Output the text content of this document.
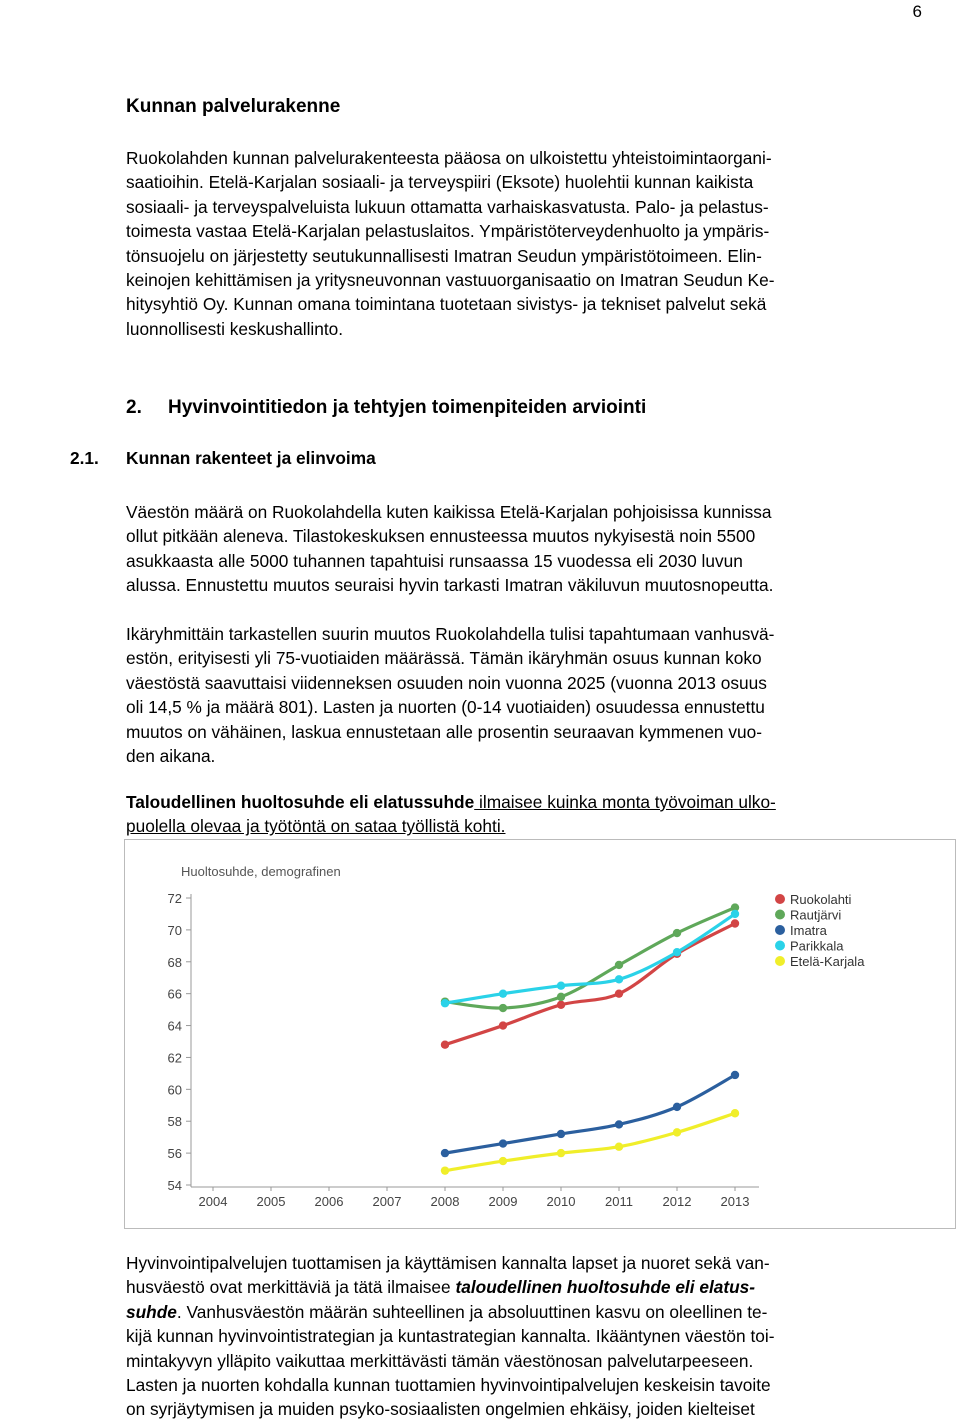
6
Kunnan palvelurakenne
Ruokolahden kunnan palvelurakenteesta pääosa on ulkoistettu yhteistoimintaorgani-
saatioihin. Etelä-Karjalan sosiaali- ja terveyspiiri (Eksote) huolehtii kunnan kaikista
sosiaali- ja terveyspalveluista lukuun ottamatta varhaiskasvatusta. Palo- ja pelastus-
toimesta vastaa Etelä-Karjalan pelastuslaitos. Ympäristöterveydenhuolto ja ympäris-
tönsuojelu on järjestetty seutukunnallisesti Imatran Seudun ympäristötoimeen. Elin-
keinojen kehittämisen ja yritysneuvonnan vastuuorganisaatio on Imatran Seudun Ke-
hitysyhtiö Oy. Kunnan omana toimintana tuotetaan sivistys- ja tekniset palvelut sekä
luonnollisesti keskushallinto.
2. Hyvinvointitiedon ja tehtyjen toimenpiteiden arviointi
2.1. Kunnan rakenteet ja elinvoima
Väestön määrä on Ruokolahdella kuten kaikissa Etelä-Karjalan pohjoisissa kunnissa
ollut pitkään aleneva. Tilastokeskuksen ennusteessa muutos nykyisestä noin 5500
asukkaasta alle 5000 tuhannen tapahtuisi runsaassa 15 vuodessa eli 2030 luvun
alussa. Ennustettu muutos seuraisi hyvin tarkasti Imatran väkiluvun muutosnopeutta.
Ikäryhmittäin tarkastellen suurin muutos Ruokolahdella tulisi tapahtumaan vanhusvä-
estön, erityisesti yli 75-vuotiaiden määrässä. Tämän ikäryhmän osuus kunnan koko
väestöstä saavuttaisi viidenneksen osuuden noin vuonna 2025 (vuonna 2013 osuus
oli 14,5 % ja määrä 801). Lasten ja nuorten (0-14 vuotiaiden) osuudessa ennustettu
muutos on vähäinen, laskua ennustetaan alle prosentin seuraavan kymmenen vuo-
den aikana.
Taloudellinen huoltosuhde eli elatussuhde ilmaisee kuinka monta työvoiman ulko-
puolella olevaa ja työtöntä on sataa työllistä kohti.
Huoltosuhde, demografinen
72
70
68
66
64
62
60
58
56
54
2004 2005 2006 2007 2008 2009 2010 2011 2012 2013
Ruokolahti
Rautjärvi
Imatra
Parikkala
Etelä-Karjala
Hyvinvointipalvelujen tuottamisen ja käyttämisen kannalta lapset ja nuoret sekä van-
husväestö ovat merkittäviä ja tätä ilmaisee taloudellinen huoltosuhde eli elatus-
suhde. Vanhusväestön määrän suhteellinen ja absoluuttinen kasvu on oleellinen te-
kijä kunnan hyvinvointistrategian ja kuntastrategian kannalta. Ikääntynen väestön toi-
mintakyvyn ylläpito vaikuttaa merkittävästi tämän väestönosan palvelutarpeeseen.
Lasten ja nuorten kohdalla kunnan tuottamien hyvinvointipalvelujen keskeisin tavoite
on syrjäytymisen ja muiden psyko-sosiaalisten ongelmien ehkäisy, joiden kielteiset
